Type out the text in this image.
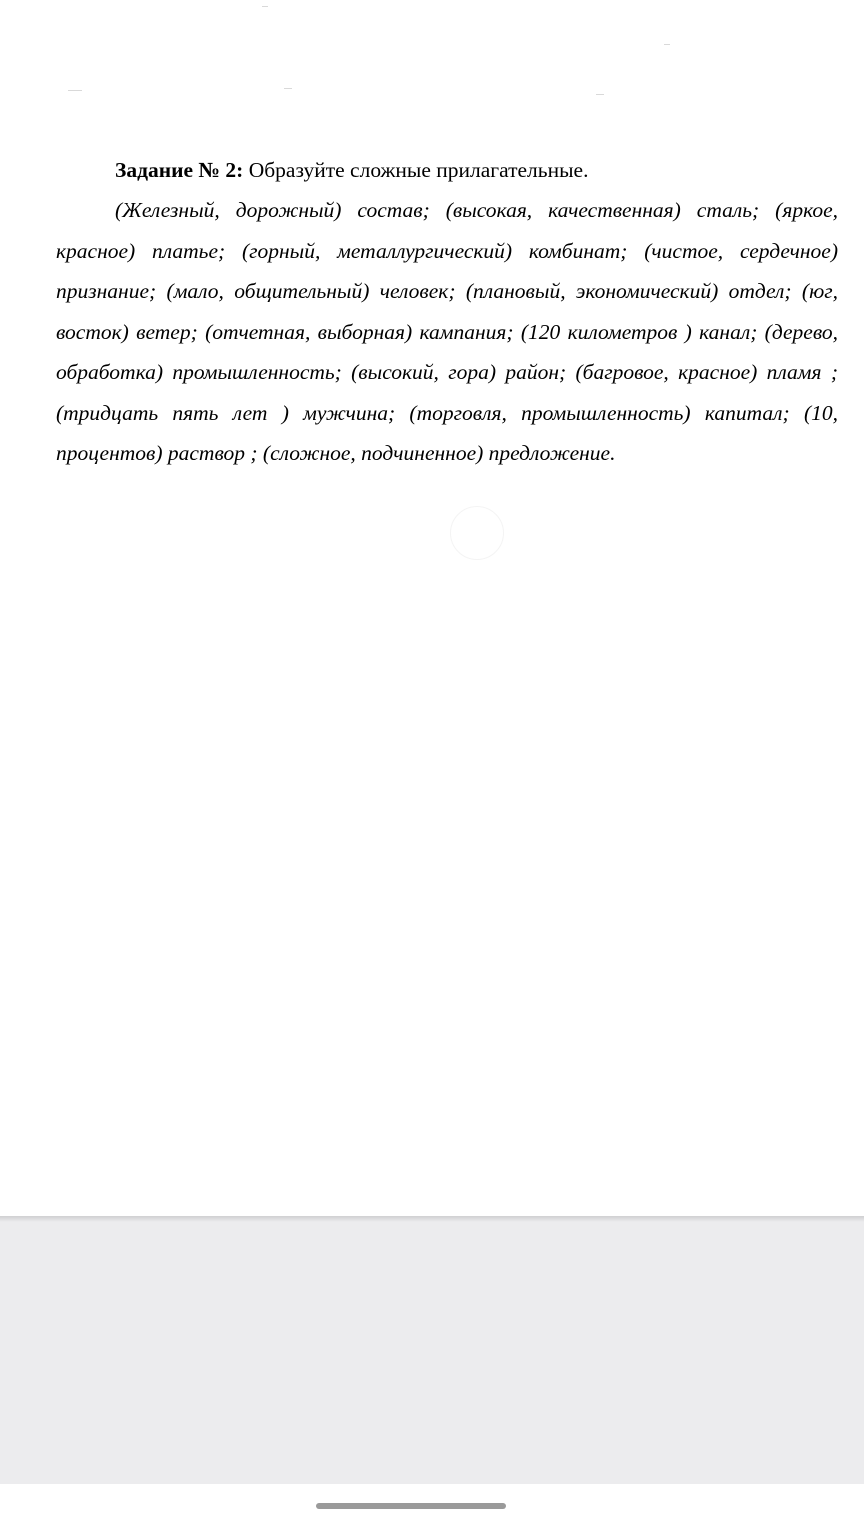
Задание № 2: Образуйте сложные прилагательные.

(Железный, дорожный) состав; (высокая, качественная) сталь; (яркое, красное) платье; (горный, металлургический) комбинат; (чистое, сердечное) признание; (мало, общительный) человек; (плановый, экономический) отдел; (юг, восток) ветер; (отчетная, выборная) кампания; (120 километров ) канал; (дерево, обработка) промышленность; (высокий, гора) район; (багровое, красное) пламя ; (тридцать пять лет ) мужчина; (торговля, промышленность) капитал; (10, процентов) раствор ; (сложное, подчиненное) предложение.
